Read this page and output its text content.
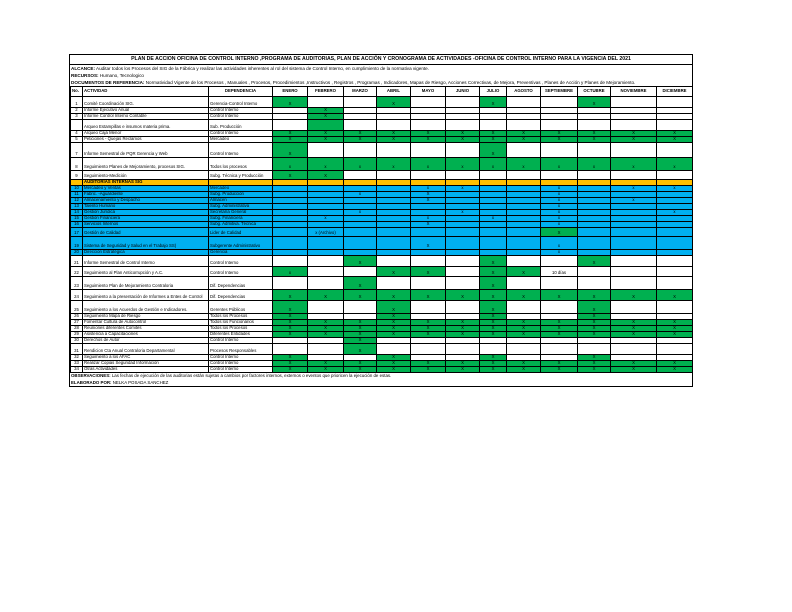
PLAN DE ACCION OFICINA DE CONTROL INTERNO ,PROGRAMA DE AUDITORIAS, PLAN DE ACCIÓN Y CRONOGRAMA DE ACTIVIDADES -OFICINA DE CONTROL INTERNO PARA LA VIGENCIA DEL 2021
ALCANCE: Auditar todos los Procesos del SIG de la Fábrica y realizar las actividades inherentes al rol del sistema de Control Interno, en cumplimiento de la normativa vigente.
RECURSOS: Humano, Tecnologico
DOCUMENTOS DE REFERENCIA: Normatividad Vigente de los Procesos , Manuales , Procesos, Procedimientos ,Instructivos , Registros , Programas , Indicadores, Mapas de Riesgo, Acciones Correctivas, de Mejora, Preventivas , Planes de Acción y Planes de Mejoramiento.
No.	ACTIVIDAD	DEPENDENCIA	ENERO	FEBRERO	MARZO	ABRIL	MAYO	JUNIO	JULIO	AGOSTO	SEPTIEMBRE	OCTUBRE	NOVIEMBRE	DICIEMBRE
1	Comité Coordinación SIG.	Gerencia-Control Interno	X			X			X			X		
2	Informe Ejecutivo Anual	Control Interno		X										
3	Informe Control Interno Contable	Control Interno		X										
	Arqueo Estampillas e insumos materia prima.	Sub. Producción												
4	Arqueo Caja Menor	Control Interno	X	X	X	X	X	X	X	X	X	X	X	X
5	Peticiones - Quejas Reclamos	Mercadeo	X	X	X	X	X	X	X	X	X	X	X	X
7	Informe Semestral de PQR Gerencia y Web	Control Interno	X						X					
8	Seguimiento Planes de Mejoramiento, procesos SIG.	Todos los procesos	x	x	x	x	x	x	x	x	x	x	x	x
9	Seguimiento-Medición	Subg. Técnica y Producción	X	X										
	AUDITORIAS INTERNAS SIG													
10	Mercadeo y Ventas	Mercadeo					x	x			x		x	x
11	Fabric. -Aguardiente	Subg. Producción			x		X				x			
12	Almacenamiento y Despacho	Almacen					X				x		x	
13	Talento Humano	Subg. Administrativa									x			
14	Gestión Jurídica	Secretaría General			x			x			x			x
15	Gestión Financiera	Subg. Financiera		x			x		x		x			
16	Servicios Internos	Subg. Admitiva. Técnica					X				x			
17	Gestión de Calidad	Lider de Calidad		x (Archivo)							X			
19	Sistema de Seguridad y Salud en el Trabajo SS)	Subgerente Administrativo					X				x			
20	Dirección Estratégica	Gerencia									x			
21	Informe Semestral de Control Interno	Control Interno			X				X			X		
22	Seguimiento al Plan Anticorrupción y A.C.	Control Interno	x			X	X		X	X	10 días			
23	Seguimiento Plan de Mejoramiento Contraloria	Dif. Dependencias			X				X					
24	Seguimiento a la presentación de Informes a Entes de Control	Dif. Dependencias	X	X	X	X	X	X	X	X	X	X	X	X
25	Seguimiento a los Acuerdos de Gestión e Indicadores.	Gerentes Públicos	X			X			X			X		
26	Seguimiento Mapa de Riesgo	Todos los Procesos	X			X			X			X		
27	Fomentar Cultura de Autocontrol	Todos los Funcionarios	X	X	X	X	X	X	X	X	X	X	X	X
28	Reuniones diferentes Comités	Todos los Procesos	X	X	X	X	X	X	X	X	X	X	X	X
29	Asistencia a Capacitaciones	Diferentes Entidades	X	X	X	X	X	X	X	X	X	X	X	X
30	Derechos de Autor	Control Interno			X									
31	Rendicion Cta Anual Contraloria Departamental	Procesos Responsables			X									
32	Seguimiento a los AFAC	Control Interno	X			X			X			X		
33	Realizar Copias Seguridad Información	Control Interno	X	X	X	X	X	X	X	X	X	X	X	X
34	Otras Actividades	Control Interno	X	X	X	X	X	X	X	X	X	X	X	X
OBSERVACIONES: Las fechas de ejecución de las auditorias están sujetas a cambios por factores internos, externos o eventos que prioricen la ejecución de estas.
ELABORADO POR: NELKA POSADA SANCHEZ
